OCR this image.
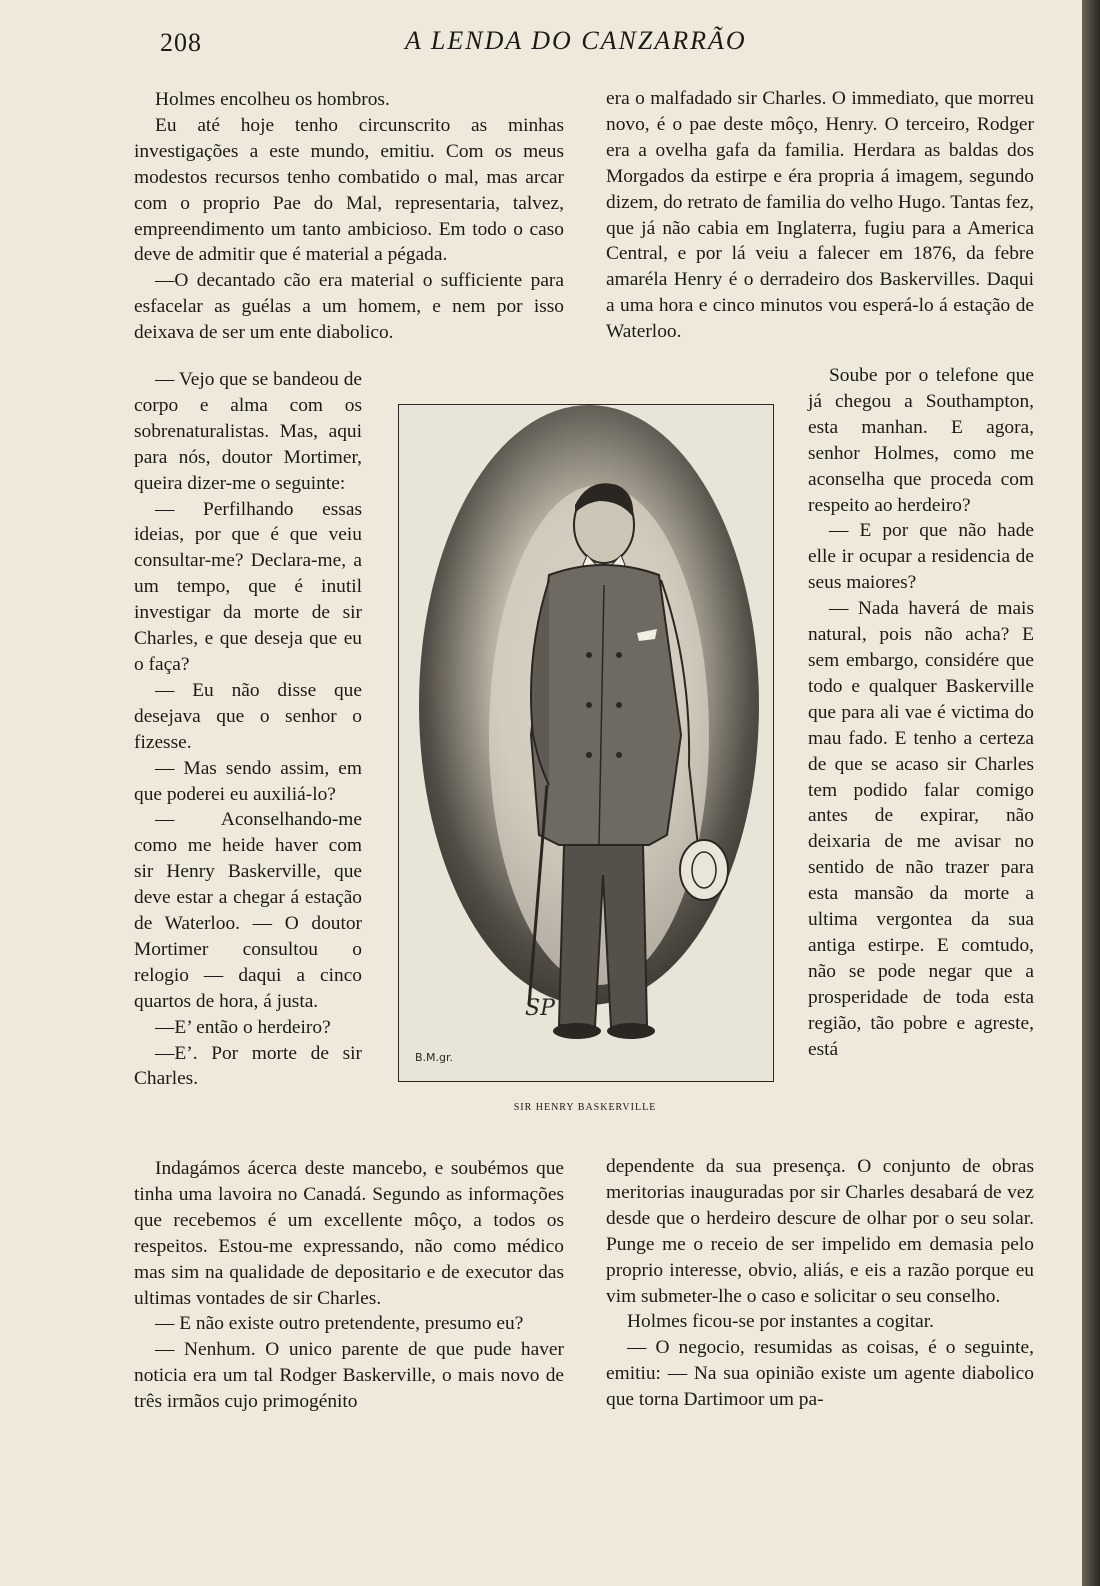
208	A LENDA DO CANZARRÃO

Holmes encolheu os hombros.

Eu até hoje tenho circunscrito as minhas investigações a este mundo, emitiu. Com os meus modestos recursos tenho combatido o mal, mas arcar com o proprio Pae do Mal, representaria, talvez, empreendimento um tanto ambicioso. Em todo o caso deve de admitir que é material a pégada.

—O decantado cão era material o sufficiente para esfacelar as guélas a um homem, e nem por isso deixava de ser um ente diabolico.

— Vejo que se bandeou de corpo e alma com os sobrenaturalistas. Mas, aqui para nós, doutor Mortimer, queira dizer-me o seguinte:

— Perfilhando essas ideias, por que é que veiu consultar-me? Declara-me, a um tempo, que é inutil investigar da morte de sir Charles, e que deseja que eu o faça?

— Eu não disse que desejava que o senhor o fizesse.

— Mas sendo assim, em que poderei eu auxiliá-lo?

— Aconselhando-me como me heide haver com sir Henry Baskerville, que deve estar a chegar á estação de Waterloo. — O doutor Mortimer consultou o relogio — daqui a cinco quartos de hora, á justa.

—E’ então o herdeiro?

—E’. Por morte de sir Charles.

Indagámos ácerca deste mancebo, e soubémos que tinha uma lavoira no Canadá. Segundo as informações que recebemos é um excellente môço, a todos os respeitos. Estou-me expressando, não como médico mas sim na qualidade de depositario e de executor das ultimas vontades de sir Charles.

— E não existe outro pretendente, presumo eu?

— Nenhum. O unico parente de que pude haver noticia era um tal Rodger Baskerville, o mais novo de três irmãos cujo primogénito

era o malfadado sir Charles. O immediato, que morreu novo, é o pae deste môço, Henry. O terceiro, Rodger era a ovelha gafa da familia. Herdara as baldas dos Morgados da estirpe e éra propria á imagem, segundo dizem, do retrato de familia do velho Hugo. Tantas fez, que já não cabia em Inglaterra, fugiu para a America Central, e por lá veiu a falecer em 1876, da febre amaréla Henry é o derradeiro dos Baskervilles. Daqui a uma hora e cinco minutos vou esperá-lo á estação de Waterloo.

Soube por o telefone que já chegou a Southampton, esta manhan. E agora, senhor Holmes, como me aconselha que proceda com respeito ao herdeiro?

— E por que não hade elle ir ocupar a residencia de seus maiores?

— Nada haverá de mais natural, pois não acha? E sem embargo, considére que todo e qualquer Baskerville que para ali vae é victima do mau fado. E tenho a certeza de que se acaso sir Charles tem podido falar comigo antes de expirar, não deixaria de me avisar no sentido de não trazer para esta mansão da morte a ultima vergontea da sua antiga estirpe. E comtudo, não se pode negar que a prosperidade de toda esta região, tão pobre e agreste, está

dependente da sua presença. O conjunto de obras meritorias inauguradas por sir Charles desabará de vez desde que o herdeiro descure de olhar por o seu solar. Punge me o receio de ser impelido em demasia pelo proprio interesse, obvio, aliás, e eis a razão porque eu vim submeter-lhe o caso e solicitar o seu conselho.

Holmes ficou-se por instantes a cogitar.

— O negocio, resumidas as coisas, é o seguinte, emitiu: — Na sua opinião existe um agente diabolico que torna Dartimoor um pa-

SP
B.M.gr.
SIR HENRY BASKERVILLE
